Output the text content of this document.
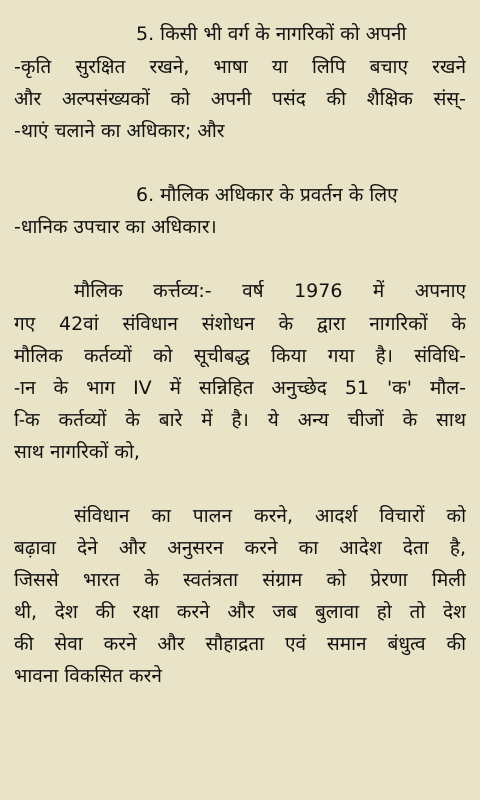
5. किसी भी वर्ग के नागरिकों को अपनी
-कृति सुरक्षित रखने, भाषा या लिपि बचाए रखने
और अल्पसंख्यकों को अपनी पसंद की शैक्षिक संस्-
-थाएं चलाने का अधिकार; और
6. मौलिक अधिकार के प्रवर्तन के लिए
-धानिक उपचार का अधिकार।
मौलिक कर्त्तव्य:- वर्ष 1976 में अपनाए
गए 42वां संविधान संशोधन के द्वारा नागरिकों के
मौलिक कर्तव्यों को सूचीबद्ध किया गया है। संविधि-
-ान के भाग IV में सन्निहित अनुच्छेद 51 'क' मौल-
-िक कर्तव्यों के बारे में है। ये अन्य चीजों के साथ
साथ नागरिकों को,
संविधान का पालन करने, आदर्श विचारों को
बढ़ावा देने और अनुसरन करने का आदेश देता है,
जिससे भारत के स्वतंत्रता संग्राम को प्रेरणा मिली
थी, देश की रक्षा करने और जब बुलावा हो तो देश
की सेवा करने और सौहाद्रता एवं समान बंधुत्व की
भावना विकसित करने
